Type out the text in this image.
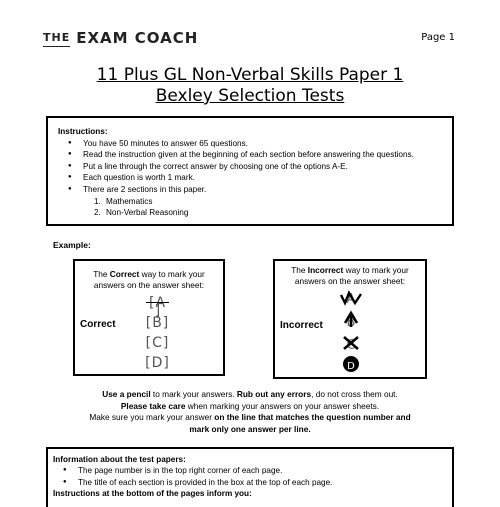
THE EXAM COACH	Page 1
11 Plus GL Non-Verbal Skills Paper 1
Bexley Selection Tests
Instructions:
● You have 50 minutes to answer 65 questions.
● Read the instruction given at the beginning of each section before answering the questions.
● Put a line through the correct answer by choosing one of the options A-E.
● Each question is worth 1 mark.
● There are 2 sections in this paper.
1. Mathematics
2. Non-Verbal Reasoning
Example:
The Correct way to mark your
answers on the answer sheet:
Correct
[ A ]
[ B ]
[ C ]
[ D ]
The Incorrect way to mark your
answers on the answer sheet:
Incorrect
A
B
C
D
Use a pencil to mark your answers. Rub out any errors, do not cross them out.
Please take care when marking your answers on your answer sheets.
Make sure you mark your answer on the line that matches the question number and
mark only one answer per line.
Information about the test papers:
● The page number is in the top right corner of each page.
● The title of each section is provided in the box at the top of each page.
Instructions at the bottom of the pages inform you:
